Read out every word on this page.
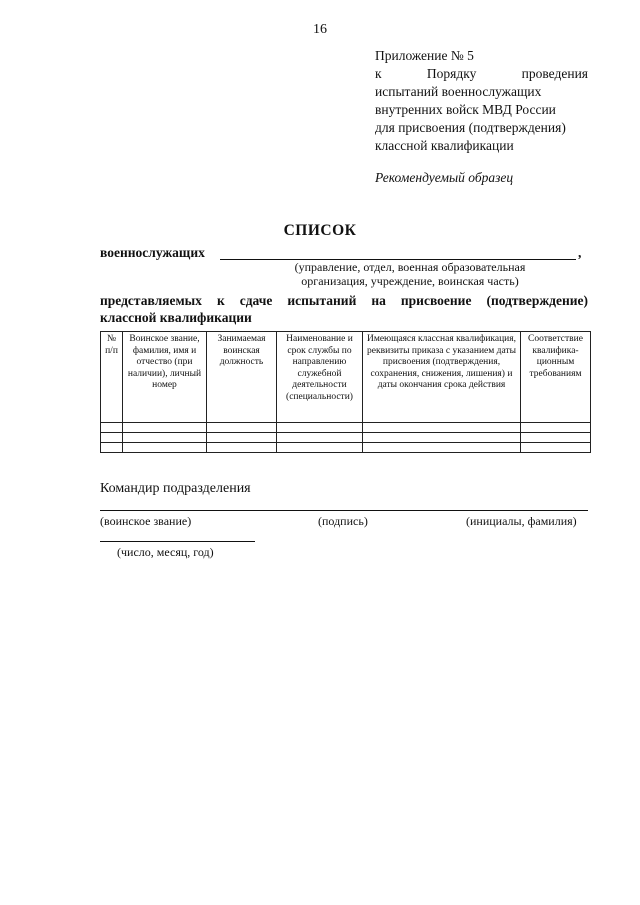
16
Приложение № 5
к Порядку проведения
испытаний военнослужащих
внутренних войск МВД России
для присвоения (подтверждения)
классной квалификации
Рекомендуемый образец
СПИСОК
военнослужащих	,
(управление, отдел, военная образовательная
организация, учреждение, воинская часть)
представляемых к сдаче испытаний на присвоение (подтверждение)
классной квалификации
№ п/п	Воинское звание, фамилия, имя и отчество (при наличии), личный номер	Занимаемая воинская должность	Наименование и срок службы по направлению служебной деятельности (специальности)	Имеющаяся классная квалификация, реквизиты приказа с указанием даты присвоения (подтверждения, сохранения, снижения, лишения) и даты окончания срока действия	Соответствие квалифика-ционным требованиям

Командир подразделения
(воинское звание)	(подпись)	(инициалы, фамилия)
(число, месяц, год)
